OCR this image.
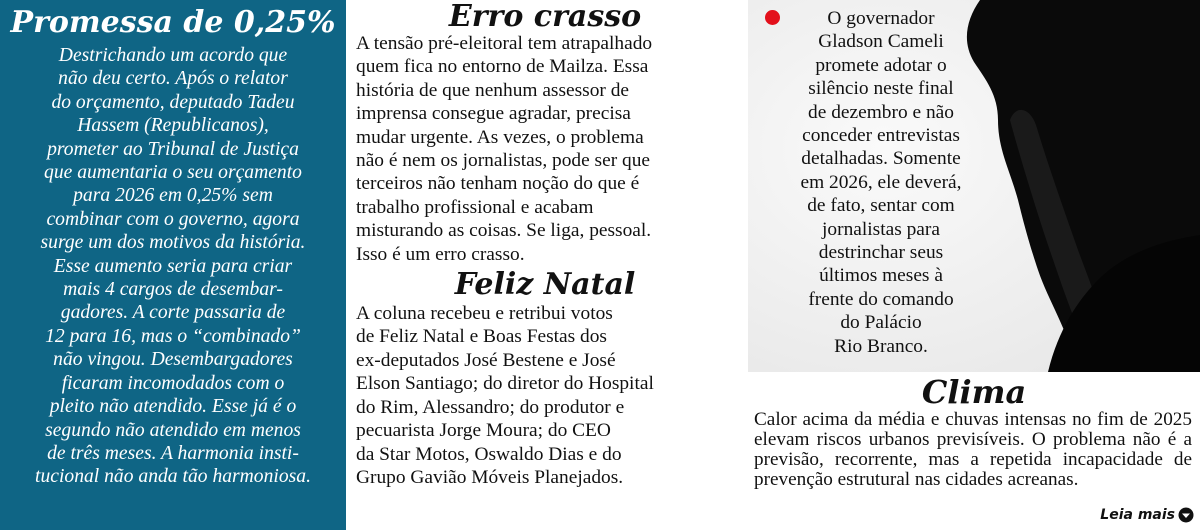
Promessa de 0,25%
Destrichando um acordo que
não deu certo. Após o relator
do orçamento, deputado Tadeu
Hassem (Republicanos),
prometer ao Tribunal de Justiça
que aumentaria o seu orçamento
para 2026 em 0,25% sem
combinar com o governo, agora
surge um dos motivos da história.
Esse aumento seria para criar
mais 4 cargos de desembar-
gadores. A corte passaria de
12 para 16, mas o “combinado”
não vingou. Desembargadores
ficaram incomodados com o
pleito não atendido. Esse já é o
segundo não atendido em menos
de três meses. A harmonia insti-
tucional não anda tão harmoniosa.
Erro crasso
A tensão pré-eleitoral tem atrapalhado
quem fica no entorno de Mailza. Essa
história de que nenhum assessor de
imprensa consegue agradar, precisa
mudar urgente. As vezes, o problema
não é nem os jornalistas, pode ser que
terceiros não tenham noção do que é
trabalho profissional e acabam
misturando as coisas. Se liga, pessoal.
Isso é um erro crasso.
Feliz Natal
A coluna recebeu e retribui votos
de Feliz Natal e Boas Festas dos
ex-deputados José Bestene e José
Elson Santiago; do diretor do Hospital
do Rim, Alessandro; do produtor e
pecuarista Jorge Moura; do CEO
da Star Motos, Oswaldo Dias e do
Grupo Gavião Móveis Planejados.
O governador
Gladson Cameli
promete adotar o
silêncio neste final
de dezembro e não
conceder entrevistas
detalhadas. Somente
em 2026, ele deverá,
de fato, sentar com
jornalistas para
destrinchar seus
últimos meses à
frente do comando
do Palácio
Rio Branco.
Clima
Calor acima da média e chuvas intensas no fim de 2025 elevam riscos urbanos previsíveis. O problema não é a previsão, recorrente, mas a repetida incapacidade de prevenção estrutural nas cidades acreanas.
Leia mais
